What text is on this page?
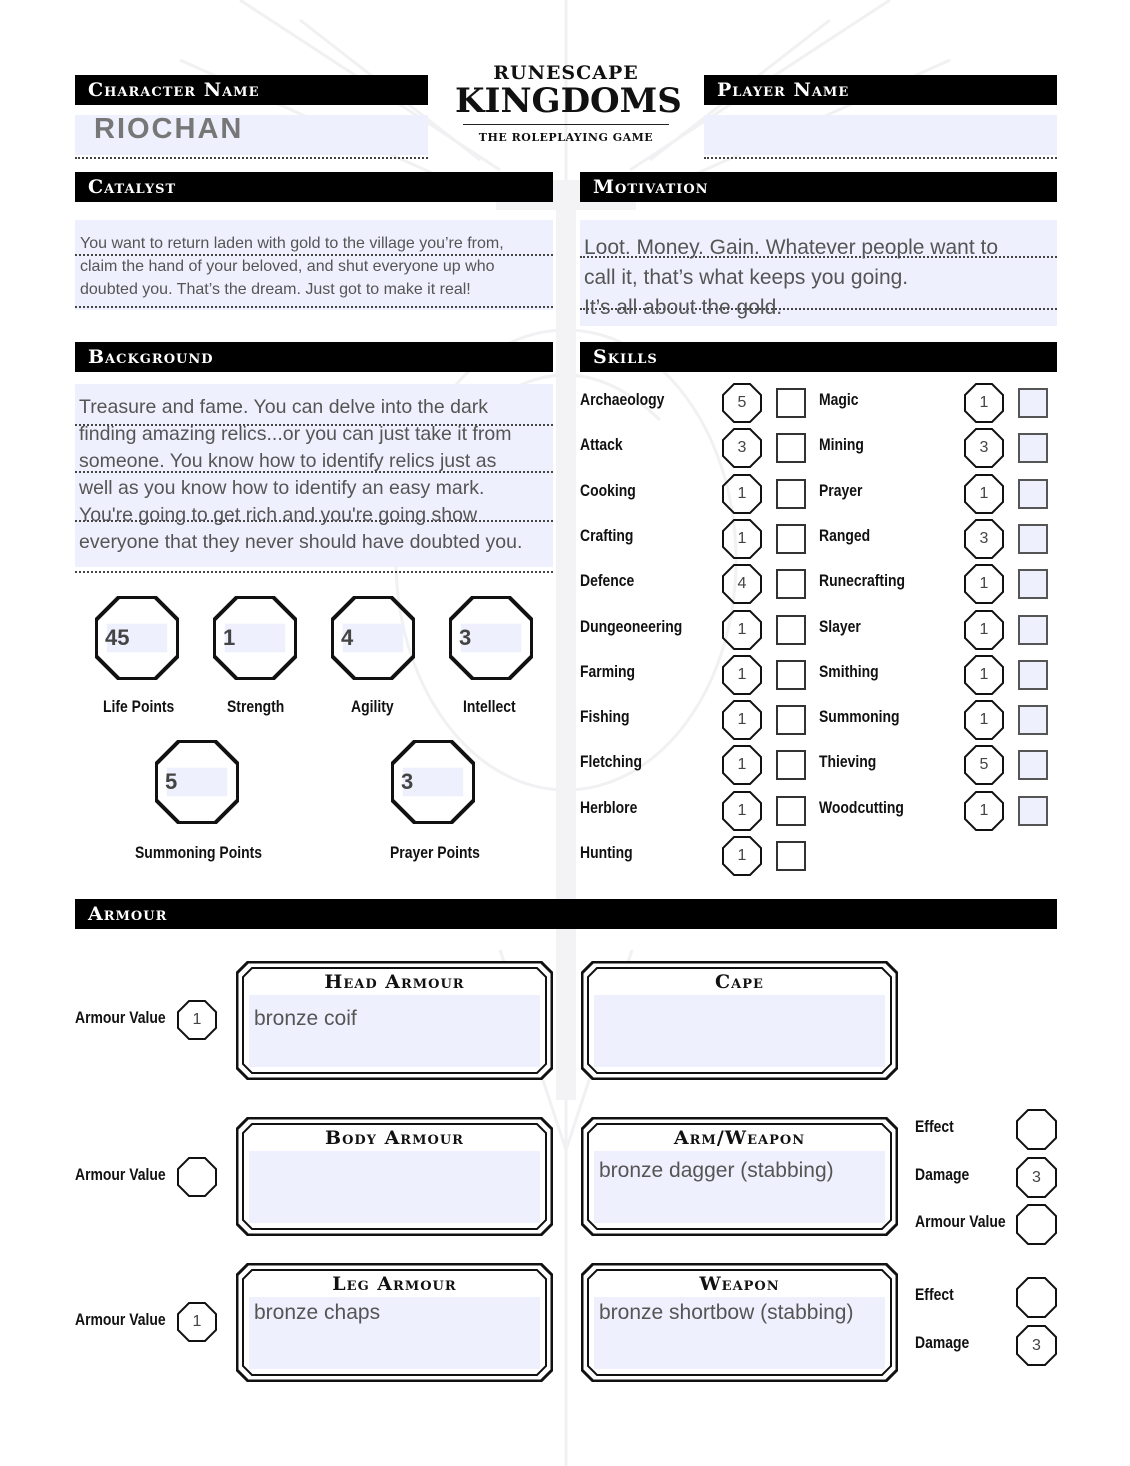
Character Name
RIOCHAN
Player Name
RUNESCAPE
KINGDOMS
THE ROLEPLAYING GAME
Catalyst
You want to return laden with gold to the village you’re from,
claim the hand of your beloved, and shut everyone up who
doubted you. That’s the dream. Just got to make it real!
Motivation
Loot. Money. Gain. Whatever people want to
call it, that’s what keeps you going.
It’s all about the gold.
Background
Treasure and fame. You can delve into the dark
finding amazing relics...or you can just take it from
someone. You know how to identify relics just as
well as you know how to identify an easy mark.
You're going to get rich and you're going show
everyone that they never should have doubted you.
45
Life Points
1
Strength
4
Agility
3
Intellect
5
Summoning Points
3
Prayer Points
Skills
Archaeology	5
Attack	3
Cooking	1
Crafting	1
Defence	4
Dungeoneering	1
Farming	1
Fishing	1
Fletching	1
Herblore	1
Hunting	1
Magic	1
Mining	3
Prayer	1
Ranged	3
Runecrafting	1
Slayer	1
Smithing	1
Summoning	1
Thieving	5
Woodcutting	1
Armour
Head Armour
bronze coif
Cape
Body Armour	Arm/Weapon
bronze dagger (stabbing)
Leg Armour
bronze chaps
Weapon
bronze shortbow (stabbing)
Armour Value	1
Armour Value
Armour Value	1
Effect
Damage	3
Armour Value
Effect
Damage	3
